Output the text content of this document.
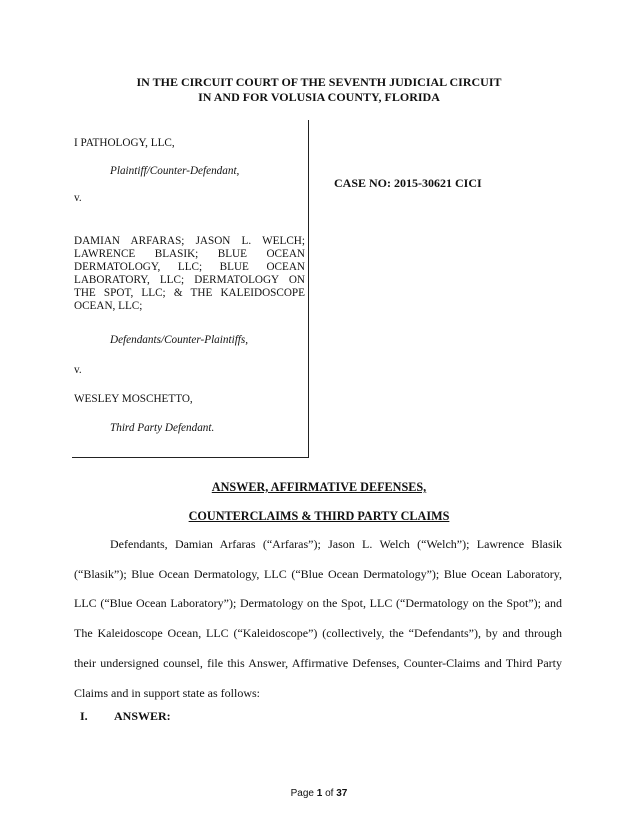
IN THE CIRCUIT COURT OF THE SEVENTH JUDICIAL CIRCUIT
IN AND FOR VOLUSIA COUNTY, FLORIDA
I PATHOLOGY, LLC,
Plaintiff/Counter-Defendant,
v.
DAMIAN ARFARAS; JASON L. WELCH; LAWRENCE BLASIK; BLUE OCEAN DERMATOLOGY, LLC; BLUE OCEAN LABORATORY, LLC; DERMATOLOGY ON THE SPOT, LLC; & THE KALEIDOSCOPE OCEAN, LLC;
Defendants/Counter-Plaintiffs,
v.
WESLEY MOSCHETTO,
Third Party Defendant.
CASE NO: 2015-30621 CICI
ANSWER, AFFIRMATIVE DEFENSES,
COUNTERCLAIMS & THIRD PARTY CLAIMS
Defendants, Damian Arfaras (“Arfaras”); Jason L. Welch (“Welch”); Lawrence Blasik (“Blasik”); Blue Ocean Dermatology, LLC (“Blue Ocean Dermatology”); Blue Ocean Laboratory, LLC (“Blue Ocean Laboratory”); Dermatology on the Spot, LLC (“Dermatology on the Spot”); and The Kaleidoscope Ocean, LLC (“Kaleidoscope”) (collectively, the “Defendants”), by and through their undersigned counsel, file this Answer, Affirmative Defenses, Counter-Claims and Third Party Claims and in support state as follows:
I. ANSWER:
Page 1 of 37
